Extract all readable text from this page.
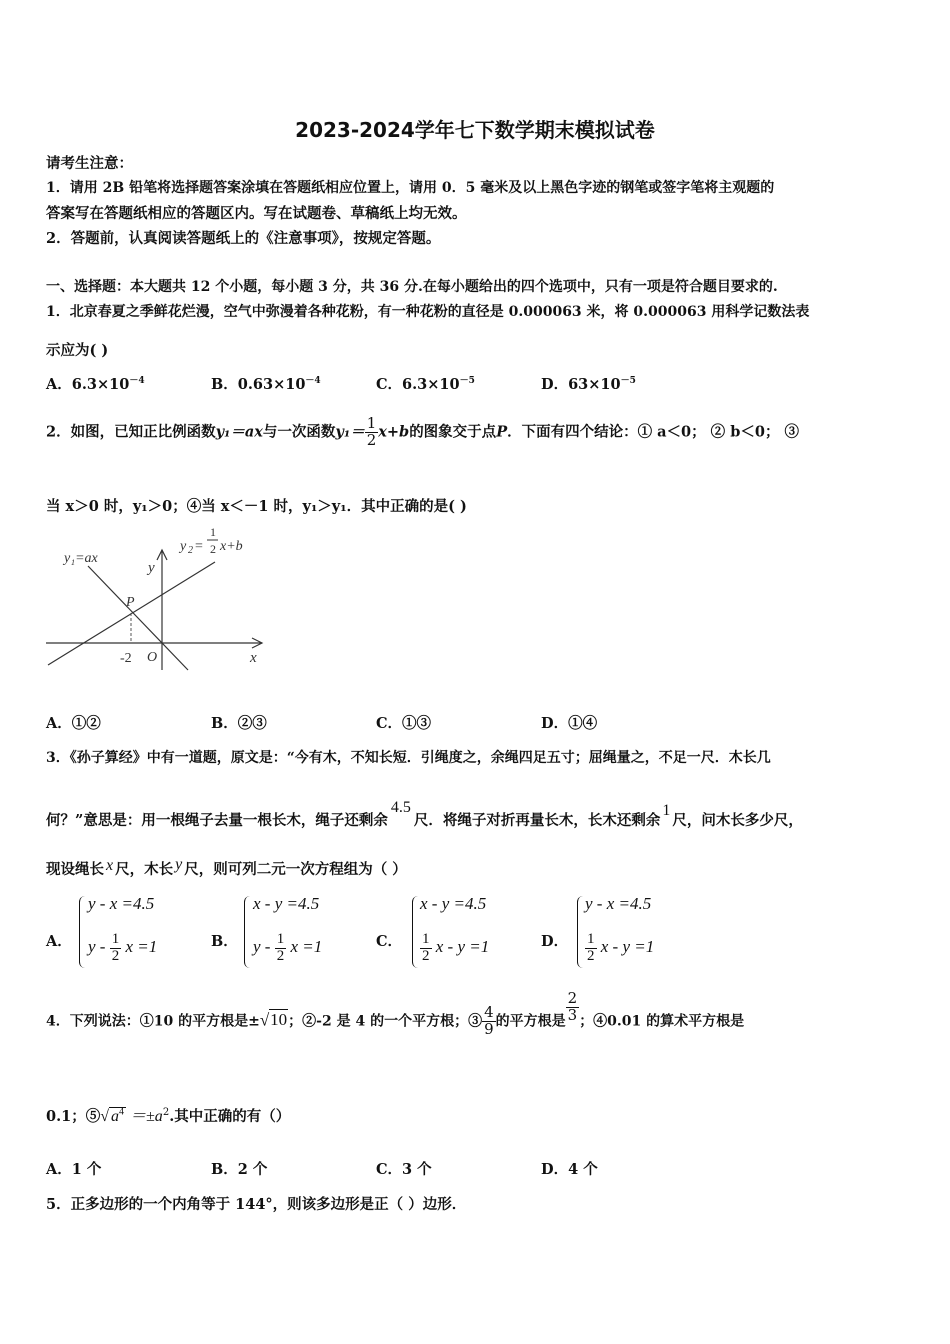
2023-2024学年七下数学期末模拟试卷
请考生注意：
1．请用 2B 铅笔将选择题答案涂填在答题纸相应位置上，请用 0．5 毫米及以上黑色字迹的钢笔或签字笔将主观题的
答案写在答题纸相应的答题区内。写在试题卷、草稿纸上均无效。
2．答题前，认真阅读答题纸上的《注意事项》，按规定答题。
一、选择题：本大题共 12 个小题，每小题 3 分，共 36 分.在每小题给出的四个选项中，只有一项是符合题目要求的.
1．北京春夏之季鲜花烂漫，空气中弥漫着各种花粉，有一种花粉的直径是 0.000063 米，将 0.000063 用科学记数法表
示应为( )
A．$6.3\times 10^{-4}$	B．$0.63\times 10^{-4}$	C．$6.3\times 10^{-5}$	D．$63\times 10^{-5}$
2．如图，已知正比例函数y₁＝ax与一次函数$y_1= \frac{1}{2} x+b$的图象交于点P．下面有四个结论：① a＜0； ② b＜0； ③
当 x＞0 时，y₁＞0；④当 x＜－1 时，y₁＞y₁．其中正确的是( )
y₁=ax
y 2 =
1
2 x+b
y
x
O
-2
P
A．①②	B．②③	C．①③	D．①④
3．《孙子算经》中有一道题，原文是：“今有木，不知长短．引绳度之，余绳四足五寸；屈绳量之，不足一尺．木长几
何？”意思是：用一根绳子去量一根长木，绳子还剩余4.5尺．将绳子对折再量长木，长木还剩余1尺，问木长多少尺，
现设绳长 x 尺，木长 y 尺，则可列二元一次方程组为（ ）
A．
y - x =4.5
y - $\frac{1}{2}$ x =1	B．
x - y =4.5
y - $\frac{1}{2}$ x =1	C．
x - y =4.5
$\frac{1}{2}$ x - y =1	D．
y - x =4.5
$\frac{1}{2}$ x - y =1
4．下列说法：①10 的平方根是±√10；②-2 是 4 的一个平方根；③ $\frac{4}{9}$ 的平方根是 $\frac{2}{3}$ ；④0.01 的算术平方根是
0.1；⑤√ $a^4 =\pm a^2$.其中正确的有（）
A．1 个	B．2 个	C．3 个	D．4 个
5．正多边形的一个内角等于 144°，则该多边形是正（ ）边形．
